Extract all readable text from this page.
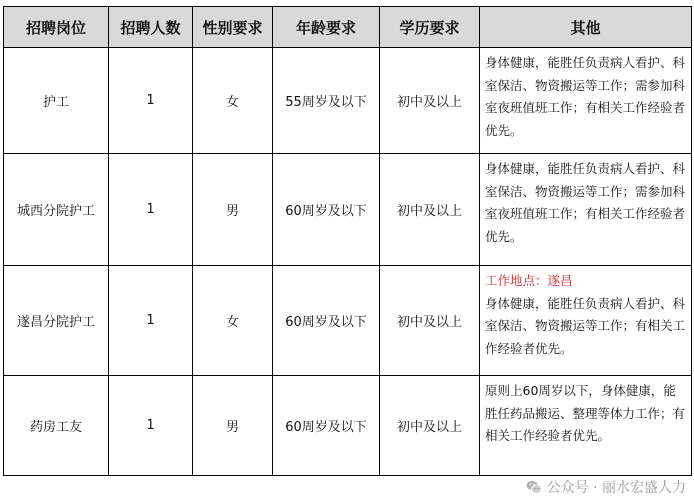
招聘岗位	招聘人数	性别要求	年龄要求	学历要求	其他
护工	1	女	55周岁及以下	初中及以上	身体健康，能胜任负责病人看护、科室保洁、物资搬运等工作；需参加科室夜班值班工作；有相关工作经验者优先。

城西分院护工	1	男	60周岁及以下	初中及以上	身体健康，能胜任负责病人看护、科室保洁、物资搬运等工作；需参加科室夜班值班工作；有相关工作经验者优先。

遂昌分院护工	1	女	60周岁及以下	初中及以上	工作地点：遂昌
身体健康，能胜任负责病人看护、科室保洁、物资搬运等工作；有相关工作经验者优先。

药房工友	1	男	60周岁及以下	初中及以上	原则上60周岁以下，身体健康，能胜任药品搬运、整理等体力工作；有相关工作经验者优先。
公众号 · 丽水宏盛人力
